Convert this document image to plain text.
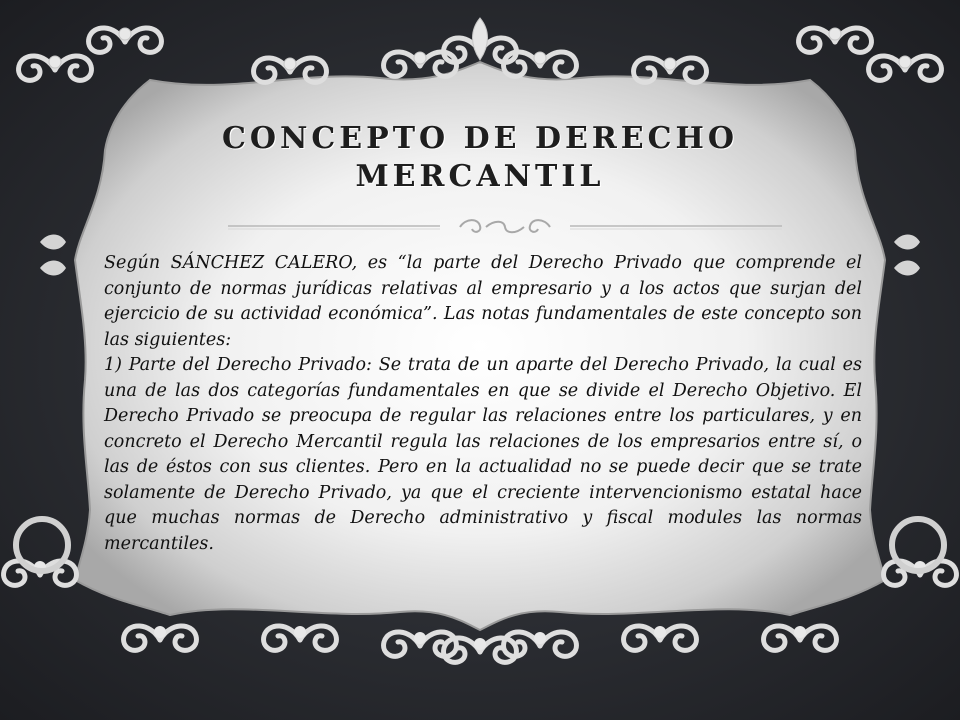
CONCEPTO DE DERECHO MERCANTIL

Según SÁNCHEZ CALERO, es “la parte del Derecho Privado que comprende el conjunto de normas jurídicas relativas al empresario y a los actos que surjan del ejercicio de su actividad económica”. Las notas fundamentales de este concepto son las siguientes:

1) Parte del Derecho Privado: Se trata de un aparte del Derecho Privado, la cual es una de las dos categorías fundamentales en que se divide el Derecho Objetivo. El Derecho Privado se preocupa de regular las relaciones entre los particulares, y en concreto el Derecho Mercantil regula las relaciones de los empresarios entre sí, o las de éstos con sus clientes. Pero en la actualidad no se puede decir que se trate solamente de Derecho Privado, ya que el creciente intervencionismo estatal hace que muchas normas de Derecho administrativo y fiscal modules las normas mercantiles.
